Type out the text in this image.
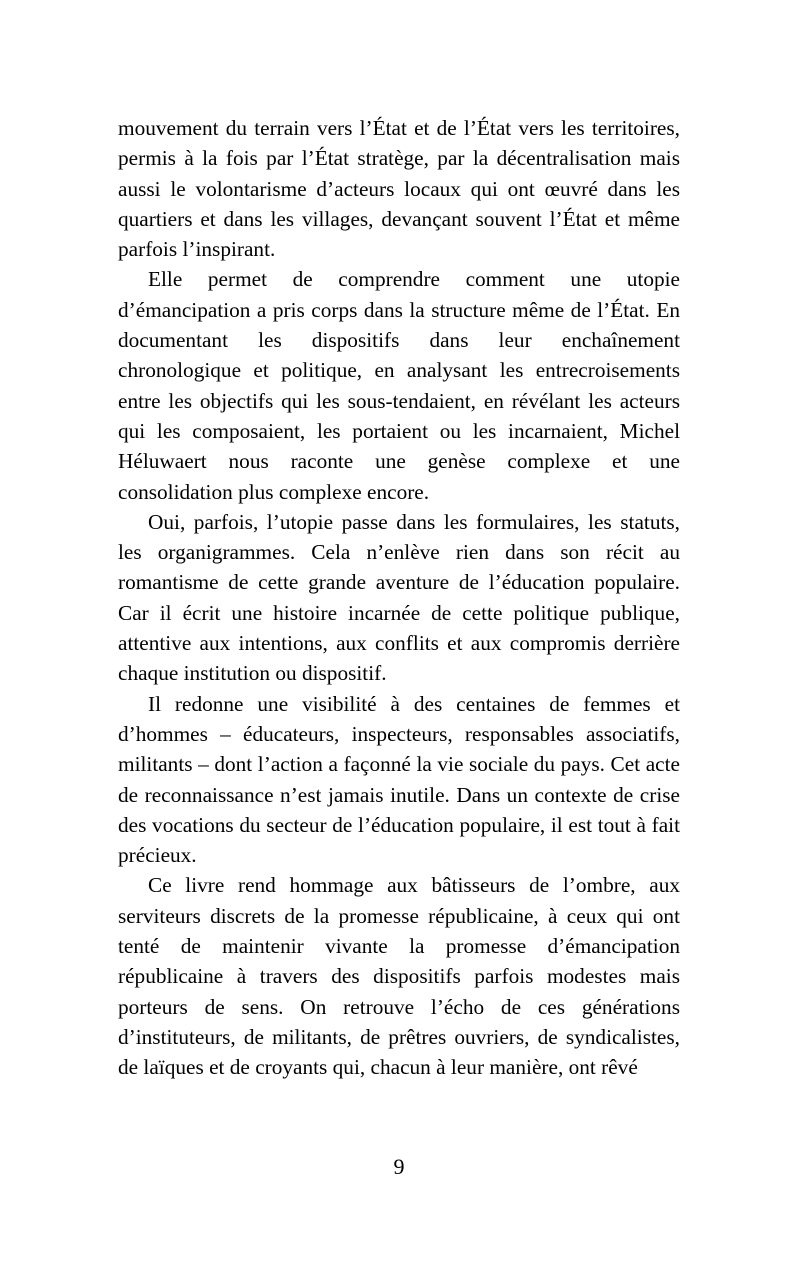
mouvement du terrain vers l’État et de l’État vers les territoires, permis à la fois par l’État stratège, par la décentralisation mais aussi le volontarisme d’acteurs locaux qui ont œuvré dans les quartiers et dans les villages, devançant souvent l’État et même parfois l’inspirant.

Elle permet de comprendre comment une utopie d’émancipation a pris corps dans la structure même de l’État. En documentant les dispositifs dans leur enchaînement chronologique et politique, en analysant les entrecroisements entre les objectifs qui les sous-tendaient, en révélant les acteurs qui les composaient, les portaient ou les incarnaient, Michel Héluwaert nous raconte une genèse complexe et une consolidation plus complexe encore.

Oui, parfois, l’utopie passe dans les formulaires, les statuts, les organigrammes. Cela n’enlève rien dans son récit au romantisme de cette grande aventure de l’éducation populaire. Car il écrit une histoire incarnée de cette politique publique, attentive aux intentions, aux conflits et aux compromis derrière chaque institution ou dispositif.

Il redonne une visibilité à des centaines de femmes et d’hommes – éducateurs, inspecteurs, responsables associatifs, militants – dont l’action a façonné la vie sociale du pays. Cet acte de reconnaissance n’est jamais inutile. Dans un contexte de crise des vocations du secteur de l’éducation populaire, il est tout à fait précieux.

Ce livre rend hommage aux bâtisseurs de l’ombre, aux serviteurs discrets de la promesse républicaine, à ceux qui ont tenté de maintenir vivante la promesse d’émancipation républicaine à travers des dispositifs parfois modestes mais porteurs de sens. On retrouve l’écho de ces générations d’instituteurs, de militants, de prêtres ouvriers, de syndicalistes, de laïques et de croyants qui, chacun à leur manière, ont rêvé

9
